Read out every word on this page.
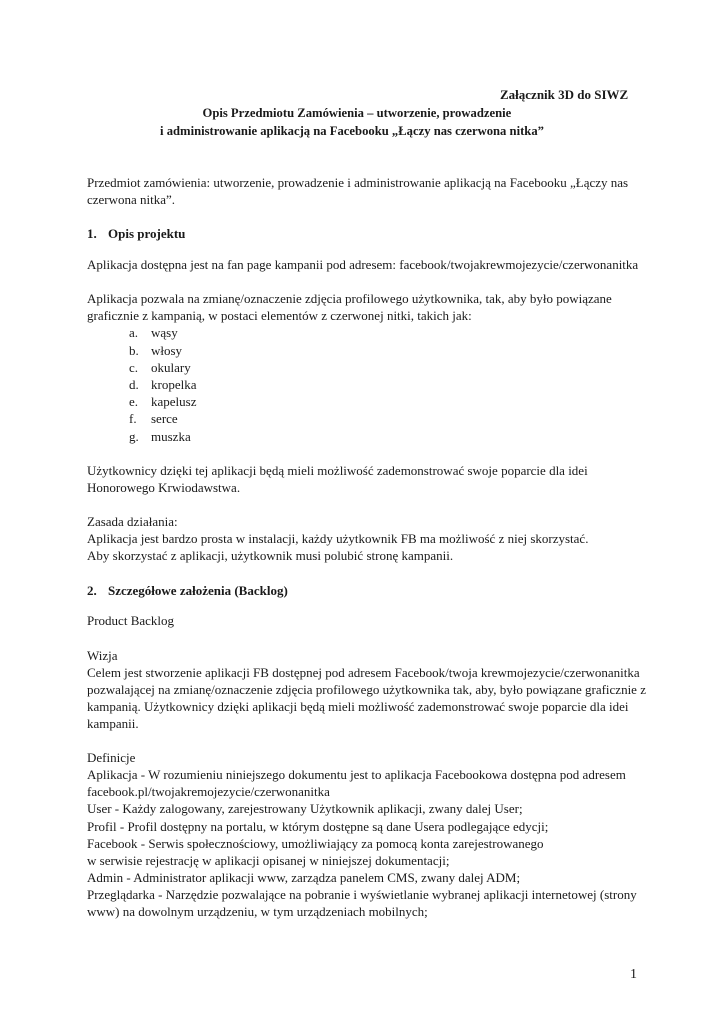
Załącznik 3D do SIWZ
Opis Przedmiotu Zamówienia – utworzenie, prowadzenie
i administrowanie aplikacją na Facebooku „Łączy nas czerwona nitka”
Przedmiot zamówienia: utworzenie, prowadzenie i administrowanie aplikacją na Facebooku „Łączy nas
czerwona nitka”.
1. Opis projektu
Aplikacja dostępna jest na fan page kampanii pod adresem: facebook/twojakrewmojezycie/czerwonanitka
Aplikacja pozwala na zmianę/oznaczenie zdjęcia profilowego użytkownika, tak, aby było powiązane
graficznie z kampanią, w postaci elementów z czerwonej nitki, takich jak:
a. wąsy
b. włosy
c. okulary
d. kropelka
e. kapelusz
f. serce
g. muszka
Użytkownicy dzięki tej aplikacji będą mieli możliwość zademonstrować swoje poparcie dla idei
Honorowego Krwiodawstwa.
Zasada działania:
Aplikacja jest bardzo prosta w instalacji, każdy użytkownik FB ma możliwość z niej skorzystać.
Aby skorzystać z aplikacji, użytkownik musi polubić stronę kampanii.
2. Szczegółowe założenia (Backlog)
Product Backlog
Wizja
Celem jest stworzenie aplikacji FB dostępnej pod adresem Facebook/twoja krewmojezycie/czerwonanitka
pozwalającej na zmianę/oznaczenie zdjęcia profilowego użytkownika tak, aby, było powiązane graficznie z
kampanią. Użytkownicy dzięki aplikacji będą mieli możliwość zademonstrować swoje poparcie dla idei
kampanii.
Definicje
Aplikacja - W rozumieniu niniejszego dokumentu jest to aplikacja Facebookowa dostępna pod adresem
facebook.pl/twojakremojezycie/czerwonanitka
User - Każdy zalogowany, zarejestrowany Użytkownik aplikacji, zwany dalej User;
Profil - Profil dostępny na portalu, w którym dostępne są dane Usera podlegające edycji;
Facebook - Serwis społecznościowy, umożliwiający za pomocą konta zarejestrowanego
w serwisie rejestrację w aplikacji opisanej w niniejszej dokumentacji;
Admin - Administrator aplikacji www, zarządza panelem CMS, zwany dalej ADM;
Przeglądarka - Narzędzie pozwalające na pobranie i wyświetlanie wybranej aplikacji internetowej (strony
www) na dowolnym urządzeniu, w tym urządzeniach mobilnych;
1
